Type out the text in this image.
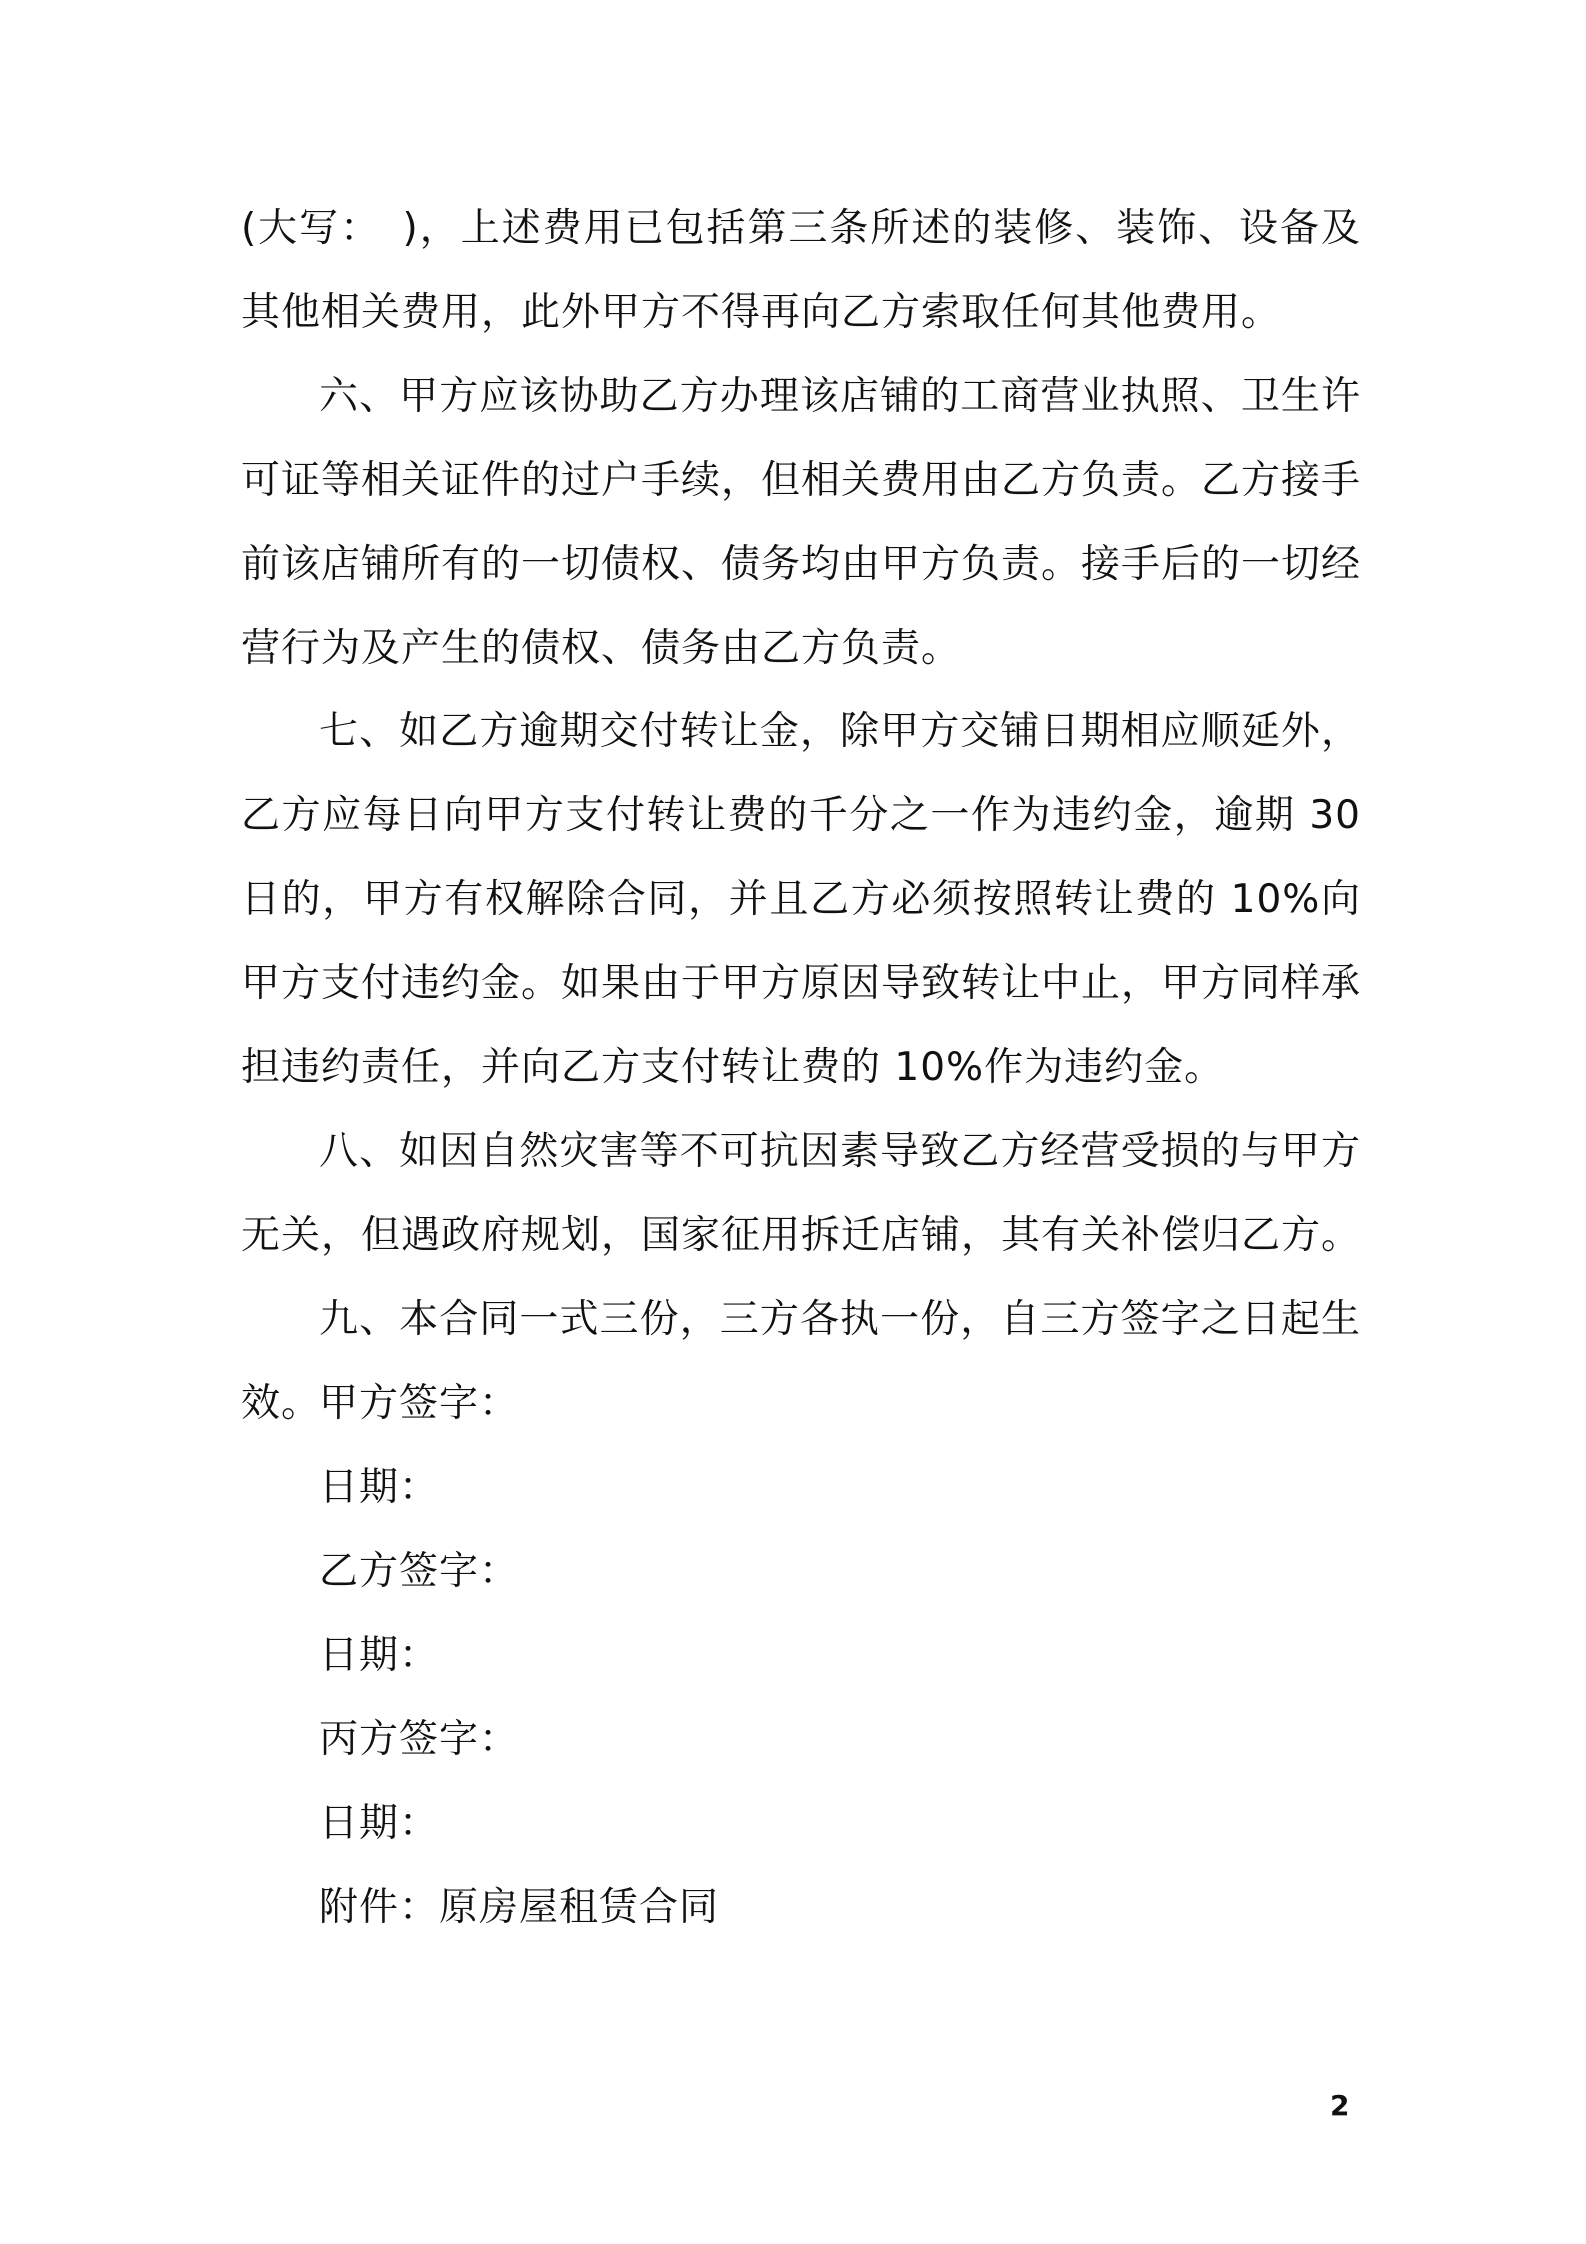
(大写：　)，上述费用已包括第三条所述的装修、装饰、设备及其他相关费用，此外甲方不得再向乙方索取任何其他费用。

六、甲方应该协助乙方办理该店铺的工商营业执照、卫生许可证等相关证件的过户手续，但相关费用由乙方负责。乙方接手前该店铺所有的一切债权、债务均由甲方负责。接手后的一切经营行为及产生的债权、债务由乙方负责。

七、如乙方逾期交付转让金，除甲方交铺日期相应顺延外，乙方应每日向甲方支付转让费的千分之一作为违约金，逾期 30 日的，甲方有权解除合同，并且乙方必须按照转让费的 10%向甲方支付违约金。如果由于甲方原因导致转让中止，甲方同样承担违约责任，并向乙方支付转让费的 10%作为违约金。

八、如因自然灾害等不可抗因素导致乙方经营受损的与甲方无关，但遇政府规划，国家征用拆迁店铺，其有关补偿归乙方。

九、本合同一式三份，三方各执一份，自三方签字之日起生效。

甲方签字：

日期：

乙方签字：

日期：

丙方签字：

日期：

附件：原房屋租赁合同

2
